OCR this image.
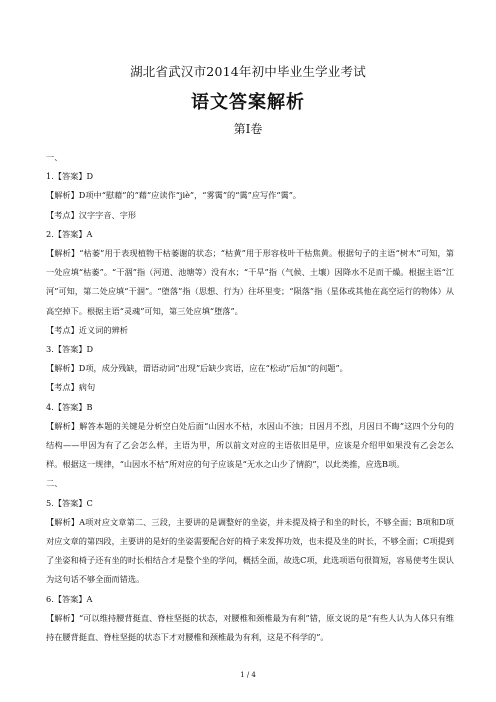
湖北省武汉市2014年初中毕业生学业考试
语文答案解析
第Ⅰ卷

一、

1.【答案】D

【解析】D项中“慰藉”的“藉”应读作“jiè”，“雾霭”的“霭”应写作“霭”。

【考点】汉字字音、字形

2.【答案】A

【解析】“枯萎”用于表现植物干枯萎谢的状态；“枯黄”用于形容枝叶干枯焦黄。根据句子的主语“树木”可知，第一处应填“枯萎”。“干涸”指（河道、池塘等）没有水；“干旱”指（气候、土壤）因降水不足而干燥。根据主语“江河”可知，第二处应填“干涸”。“堕落”指（思想、行为）往坏里变；“陨落”指（星体或其他在高空运行的物体）从高空掉下。根据主语“灵魂”可知，第三处应填“堕落”。

【考点】近义词的辨析

3.【答案】D

【解析】D项，成分残缺，谓语动词“出现”后缺少宾语，应在“松动”后加“的问题”。

【考点】病句

4.【答案】B

【解析】解答本题的关键是分析空白处后面“山因水不枯，水因山不浊；日因月不烈，月因日不晦”这四个分句的结构——甲因为有了乙会怎么样，主语为甲，所以前文对应的主语依旧是甲，应该是介绍甲如果没有乙会怎么样。根据这一规律，“山因水不枯”所对应的句子应该是“无水之山少了情韵”，以此类推，应选B项。

二、

5.【答案】C

【解析】A项对应文章第二、三段，主要讲的是调整好的坐姿，并未提及椅子和坐的时长，不够全面；B项和D项对应文章的第四段，主要讲的是好的坐姿需要配合好的椅子来发挥功效，也未提及坐的时长，不够全面；C项提到了坐姿和椅子还有坐的时长相结合才是整个坐的学问，概括全面，故选C项，此选项语句很简短，容易使考生误认为这句话不够全面而错选。

6.【答案】A

【解析】“可以维持腰背挺直、脊柱坚挺的状态，对腰椎和颈椎最为有利”错，原文说的是“有些人认为人体只有维持在腰背挺直、脊柱坚挺的状态下才对腰椎和颈椎最为有利，这是不科学的”。

1 / 4
